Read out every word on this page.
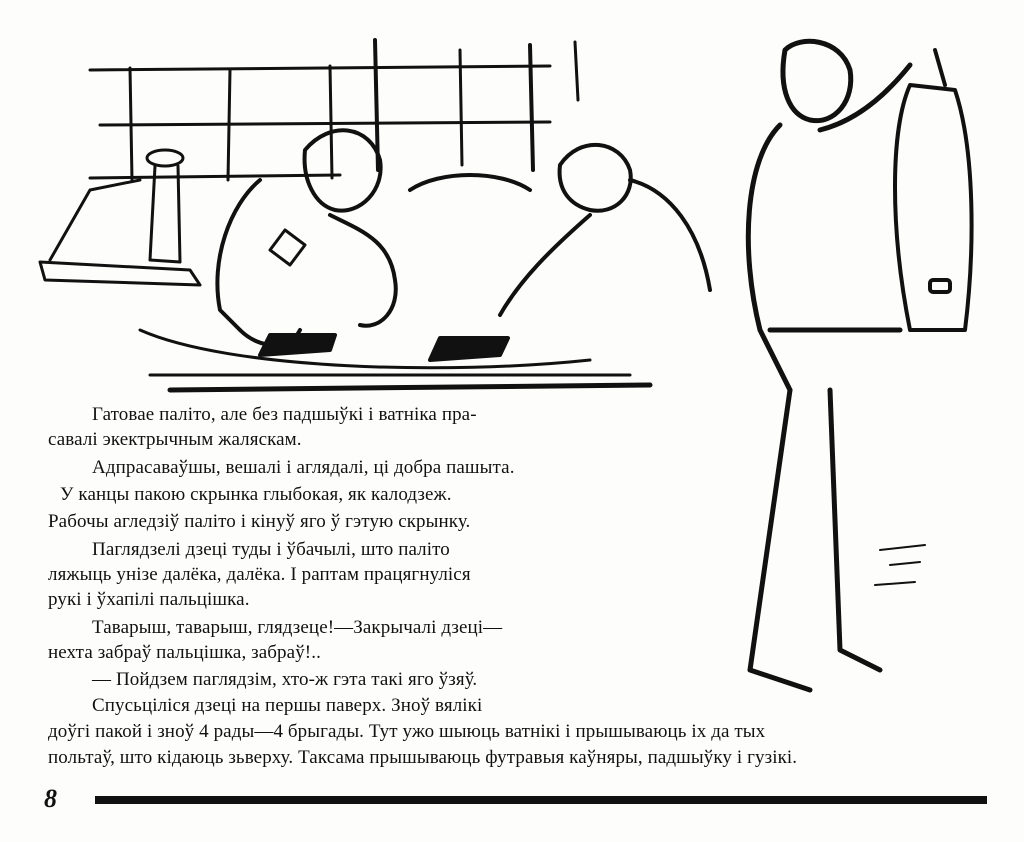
Гатовае паліто, але без падшыўкі і ватніка пра-
савалі экектрычным жаляскам.
Адпрасаваўшы, вешалі і аглядалі, ці добра пашыта.
У канцы пакою скрынка глыбокая, як калодзеж.
Рабочы агледзіў паліто і кінуў яго ў гэтую скрынку.
Паглядзелі дзеці туды і ўбачылі, што паліто
ляжыць унізе далёка, далёка. І раптам працягнуліся
рукі і ўхапілі пальцішка.
Таварыш, таварыш, глядзеце!—Закрычалі дзеці—
нехта забраў пальцішка, забраў!..
— Пойдзем паглядзім, хто-ж гэта такі яго ўзяў.
Спусьціліся дзеці на першы паверх. Зноў вялікі
доўгі пакой і зноў 4 рады—4 брыгады. Тут ужо шыюць ватнікі і прышываюць іх да тых
польтаў, што кідаюць зьверху. Таксама прышываюць футравыя каўняры, падшыўку і гузікі.
8
